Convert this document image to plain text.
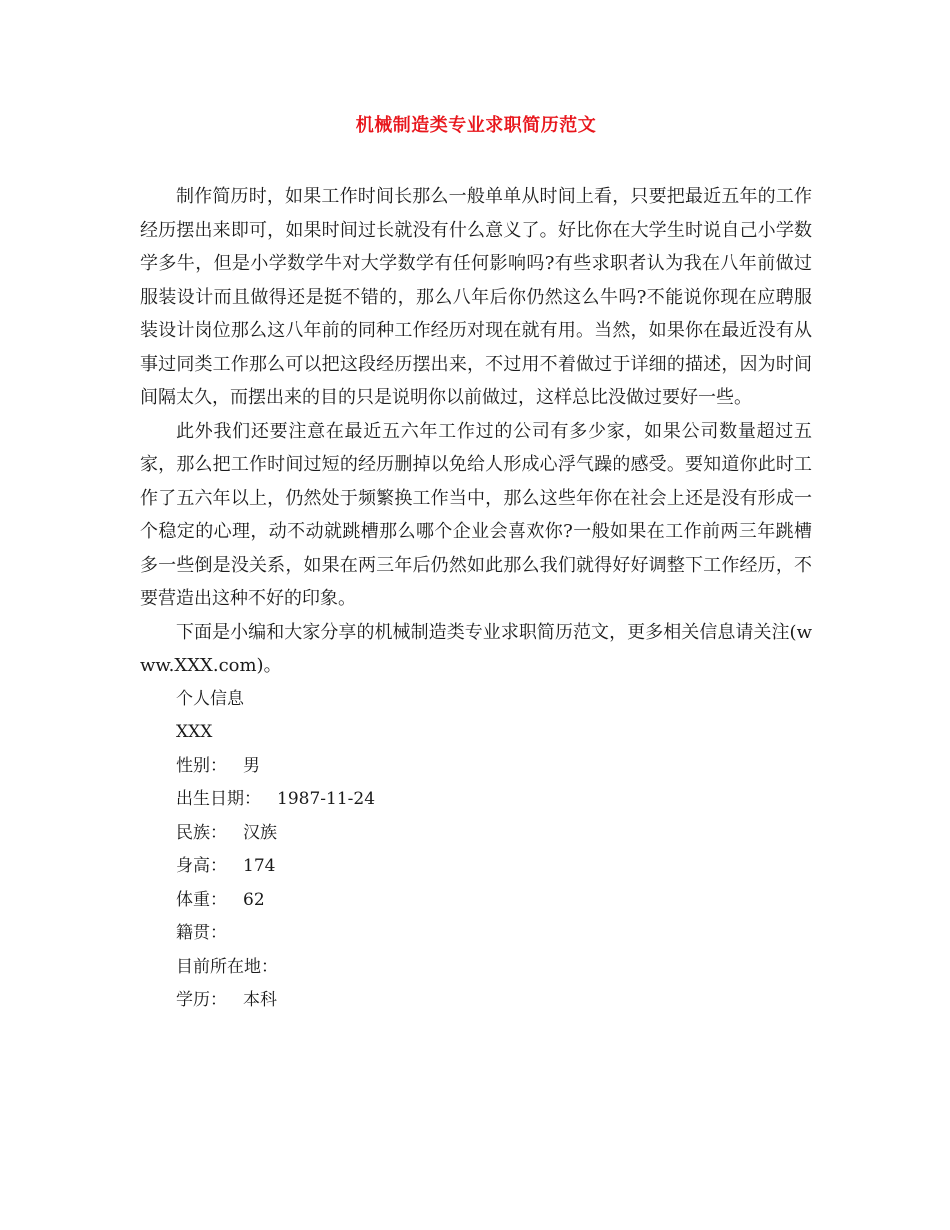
机械制造类专业求职简历范文

制作简历时，如果工作时间长那么一般单单从时间上看，只要把最近五年的工作经历摆出来即可，如果时间过长就没有什么意义了。好比你在大学生时说自己小学数学多牛，但是小学数学牛对大学数学有任何影响吗?有些求职者认为我在八年前做过服装设计而且做得还是挺不错的，那么八年后你仍然这么牛吗?不能说你现在应聘服装设计岗位那么这八年前的同种工作经历对现在就有用。当然，如果你在最近没有从事过同类工作那么可以把这段经历摆出来，不过用不着做过于详细的描述，因为时间间隔太久，而摆出来的目的只是说明你以前做过，这样总比没做过要好一些。

此外我们还要注意在最近五六年工作过的公司有多少家，如果公司数量超过五家，那么把工作时间过短的经历删掉以免给人形成心浮气躁的感受。要知道你此时工作了五六年以上，仍然处于频繁换工作当中，那么这些年你在社会上还是没有形成一个稳定的心理，动不动就跳槽那么哪个企业会喜欢你?一般如果在工作前两三年跳槽多一些倒是没关系，如果在两三年后仍然如此那么我们就得好好调整下工作经历，不要营造出这种不好的印象。

下面是小编和大家分享的机械制造类专业求职简历范文，更多相关信息请关注(www.XXX.com)。

个人信息
XXX
性别： 男
出生日期： 1987-11-24
民族： 汉族
身高： 174
体重： 62
籍贯：
目前所在地：
学历： 本科
